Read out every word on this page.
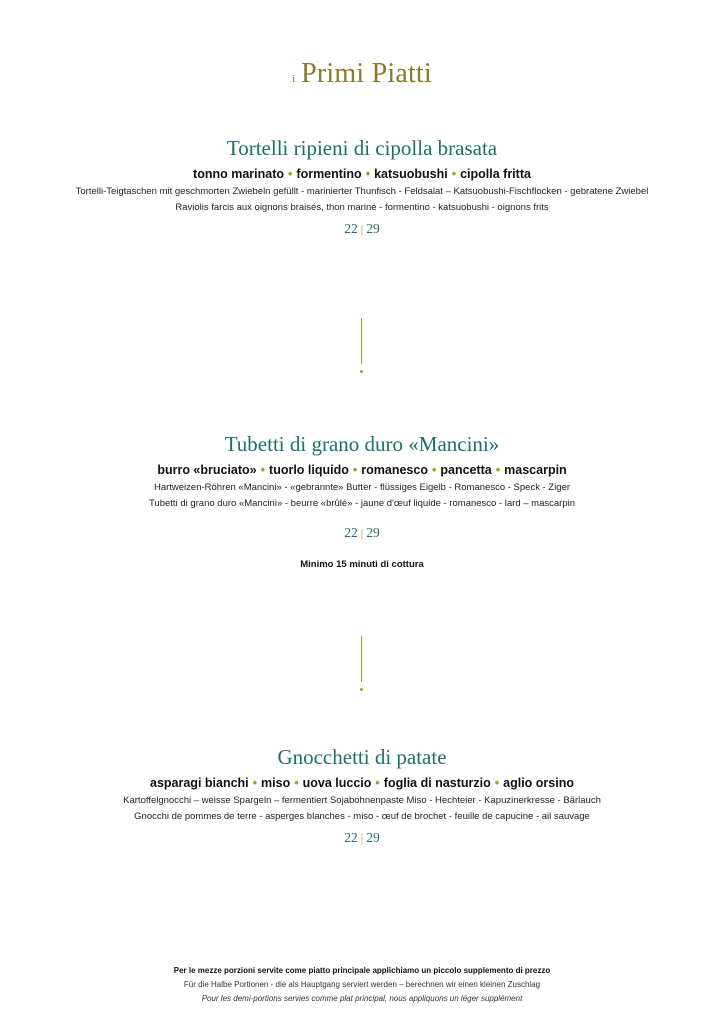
i Primi Piatti
Tortelli ripieni di cipolla brasata
tonno marinato • formentino • katsuobushi • cipolla fritta
Tortelli-Teigtaschen mit geschmorten Zwiebeln gefüllt - marinierter Thunfisch - Feldsalat – Katsuobushi-Fischflocken - gebratene Zwiebel
Raviolis farcis aux oignons braisés, thon mariné - formentino - katsuobushi - oignons frits
22 | 29
Tubetti di grano duro «Mancini»
burro «bruciato» • tuorlo liquido • romanesco • pancetta • mascarpin
Hartweizen-Röhren «Mancini» - «gebrannte» Butter - flüssiges Eigelb - Romanesco - Speck - Ziger
Tubetti di grano duro «Mancini» - beurre «brûlé» - jaune d'œuf liquide - romanesco - lard – mascarpin
22 | 29
Minimo 15 minuti di cottura
Gnocchetti di patate
asparagi bianchi • miso • uova luccio • foglia di nasturzio • aglio orsino
Kartoffelgnocchi – weisse Spargeln – fermentiert Sojabohnenpaste Miso - Hechteier - Kapuzinerkresse - Bärlauch
Gnocchi de pommes de terre - asperges blanches - miso - œuf de brochet - feuille de capucine - ail sauvage
22 | 29
Per le mezze porzioni servite come piatto principale applichiamo un piccolo supplemento di prezzo
Für die Halbe Portionen - die als Hauptgang serviert werden – berechnen wir einen kleinen Zuschlag
Pour les demi-portions servies comme plat principal, nous appliquons un léger supplément
